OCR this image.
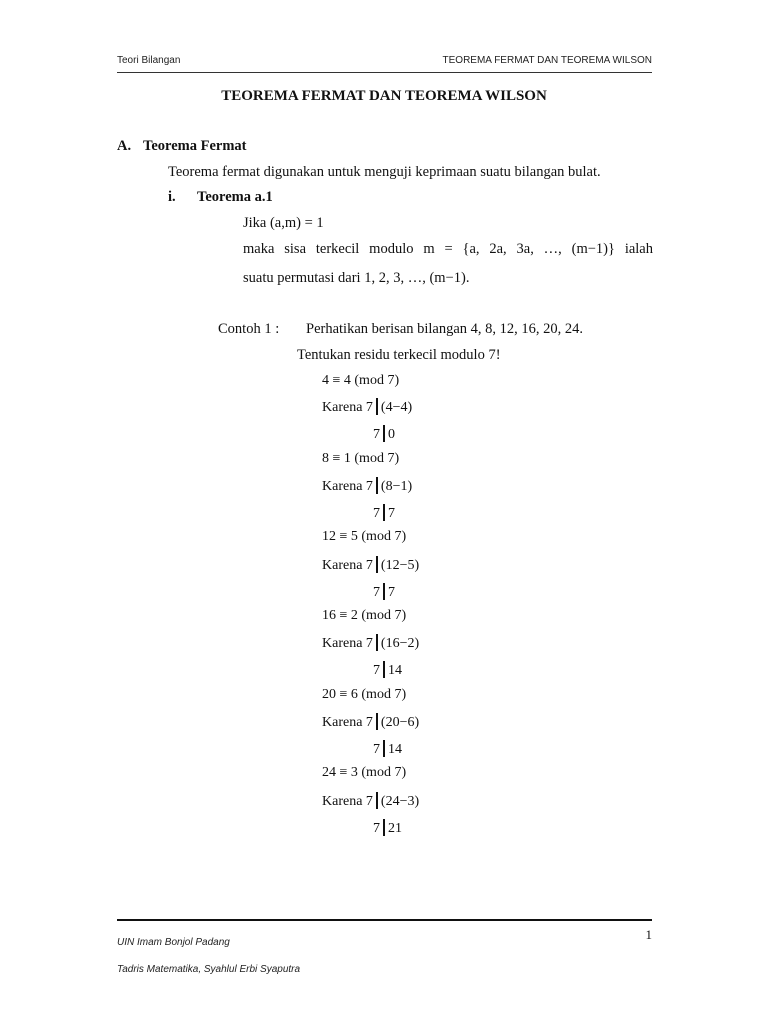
Teori Bilangan	TEOREMA FERMAT DAN TEOREMA WILSON
TEOREMA FERMAT DAN TEOREMA WILSON
A. Teorema Fermat
Teorema fermat digunakan untuk menguji keprimaan suatu bilangan bulat.
i. Teorema a.1
Jika (a,m) = 1
maka sisa terkecil modulo m = {a, 2a, 3a, …, (m−1)} ialah
suatu permutasi dari 1, 2, 3, …, (m−1).
Contoh 1 : Perhatikan berisan bilangan 4, 8, 12, 16, 20, 24.
Tentukan residu terkecil modulo 7!
4 ≡ 4 (mod 7)
Karena 7 (4−4)
7 0
8 ≡ 1 (mod 7)
Karena 7 (8−1)
7 7
12 ≡ 5 (mod 7)
Karena 7 (12−5)
7 7
16 ≡ 2 (mod 7)
Karena 7 (16−2)
7 14
20 ≡ 6 (mod 7)
Karena 7 (20−6)
7 14
24 ≡ 3 (mod 7)
Karena 7 (24−3)
7 21
1
UIN Imam Bonjol Padang
Tadris Matematika, Syahlul Erbi Syaputra
